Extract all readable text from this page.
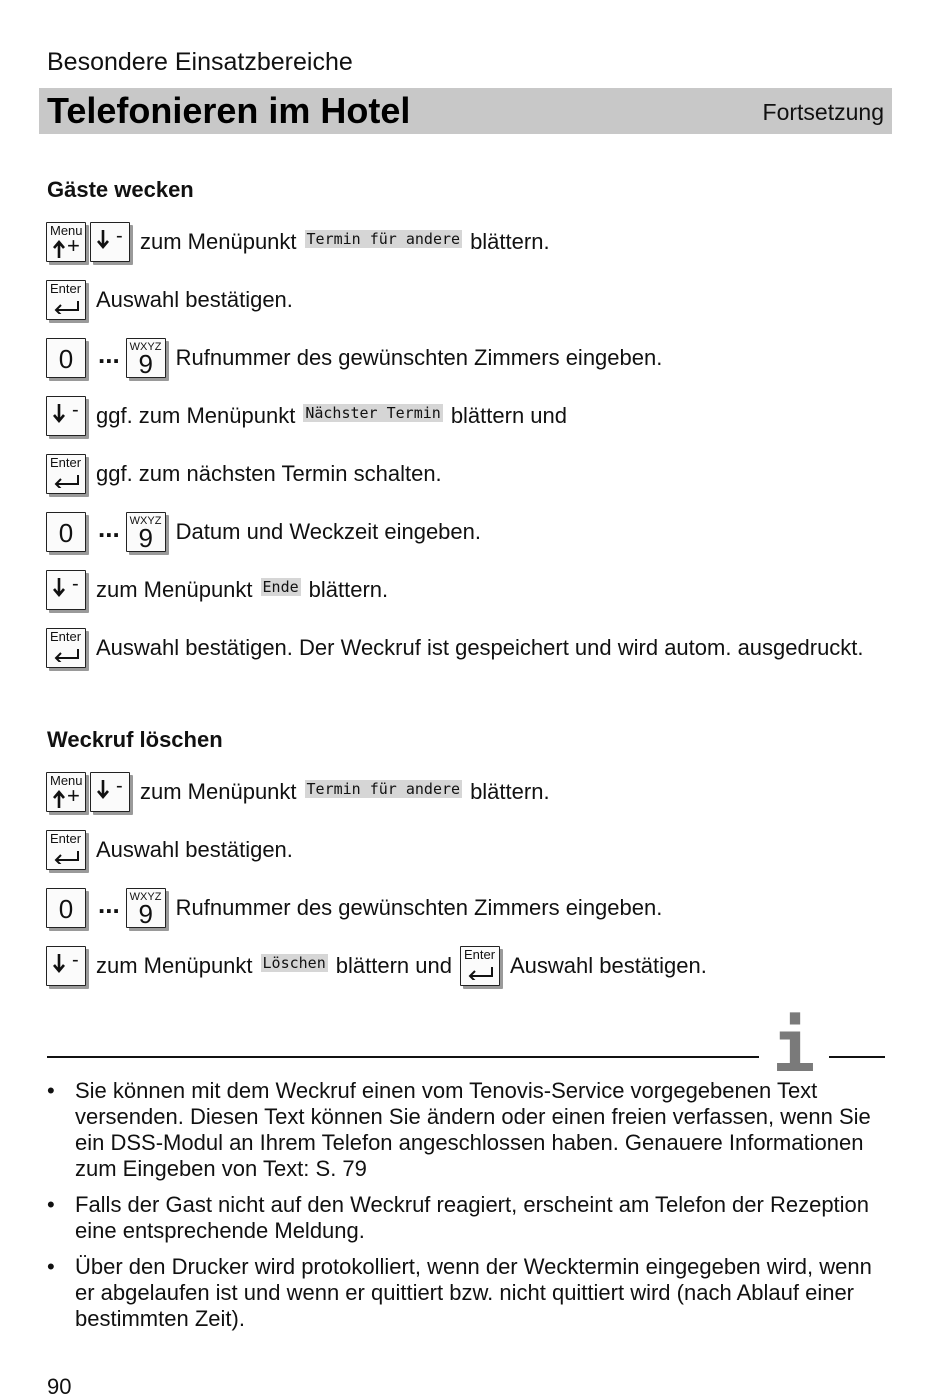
Besondere Einsatzbereiche
Telefonieren im Hotel	Fortsetzung
Gäste wecken
Menu
+ - zum Menüpunkt Termin für andere blättern.
Enter Auswahl bestätigen.
0 ... WXYZ
9	Rufnummer des gewünschten Zimmers eingeben.
- ggf. zum Menüpunkt Nächster Termin blättern und
Enter ggf. zum nächsten Termin schalten.
0 ... WXYZ
9	Datum und Weckzeit eingeben.
- zum Menüpunkt Ende blättern.
Enter Auswahl bestätigen. Der Weckruf ist gespeichert und wird autom. ausgedruckt.
Weckruf löschen
Menu
+ - zum Menüpunkt Termin für andere blättern.
Enter Auswahl bestätigen.
0 ... WXYZ
9	Rufnummer des gewünschten Zimmers eingeben.
- zum Menüpunkt Löschen blättern und Enter Auswahl bestätigen.
i
• Sie können mit dem Weckruf einen vom Tenovis-Service vorgegebenen Text versenden. Diesen Text können Sie ändern oder einen freien verfassen, wenn Sie ein DSS-Modul an Ihrem Telefon angeschlossen haben. Genauere Informationen zum Eingeben von Text: S. 79
• Falls der Gast nicht auf den Weckruf reagiert, erscheint am Telefon der Rezeption eine entsprechende Meldung.
• Über den Drucker wird protokolliert, wenn der Wecktermin eingegeben wird, wenn er abgelaufen ist und wenn er quittiert bzw. nicht quittiert wird (nach Ablauf einer bestimmten Zeit).
90
